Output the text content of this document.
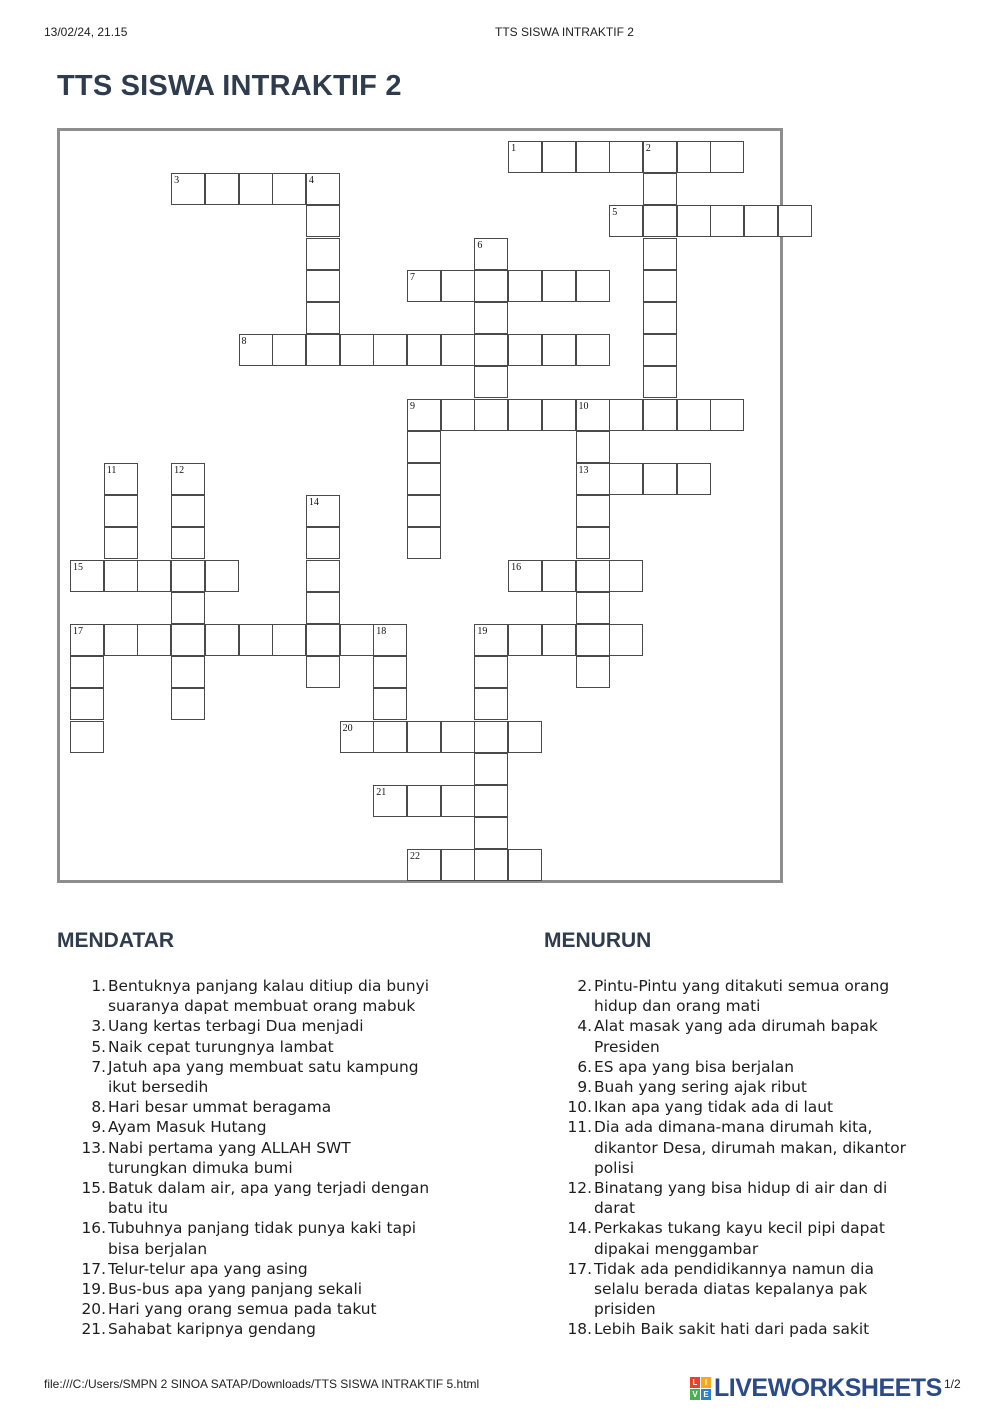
13/02/24, 21.15	TTS SISWA INTRAKTIF 2
TTS SISWA INTRAKTIF 2
1	2
3	4
5
6
7
8
9	10
11	12	13
14
15	16
17	18	19
20
21
22
MENDATAR	MENURUN
1. Bentuknya panjang kalau ditiup dia bunyi
suaranya dapat membuat orang mabuk
3. Uang kertas terbagi Dua menjadi
5. Naik cepat turungnya lambat
7. Jatuh apa yang membuat satu kampung
ikut bersedih
8. Hari besar ummat beragama
9. Ayam Masuk Hutang
13. Nabi pertama yang ALLAH SWT
turungkan dimuka bumi
15. Batuk dalam air, apa yang terjadi dengan
batu itu
16. Tubuhnya panjang tidak punya kaki tapi
bisa berjalan
17. Telur-telur apa yang asing
19. Bus-bus apa yang panjang sekali
20. Hari yang orang semua pada takut
21. Sahabat karipnya gendang
2. Pintu-Pintu yang ditakuti semua orang
hidup dan orang mati
4. Alat masak yang ada dirumah bapak
Presiden
6. ES apa yang bisa berjalan
9. Buah yang sering ajak ribut
10. Ikan apa yang tidak ada di laut
11. Dia ada dimana-mana dirumah kita,
dikantor Desa, dirumah makan, dikantor
polisi
12. Binatang yang bisa hidup di air dan di
darat
14. Perkakas tukang kayu kecil pipi dapat
dipakai menggambar
17. Tidak ada pendidikannya namun dia
selalu berada diatas kepalanya pak
prisiden
18. Lebih Baik sakit hati dari pada sakit
file:///C:/Users/SMPN 2 SINOA SATAP/Downloads/TTS SISWA INTRAKTIF 5.html	L I
V E LIVEWORKSHEETS 1/2
